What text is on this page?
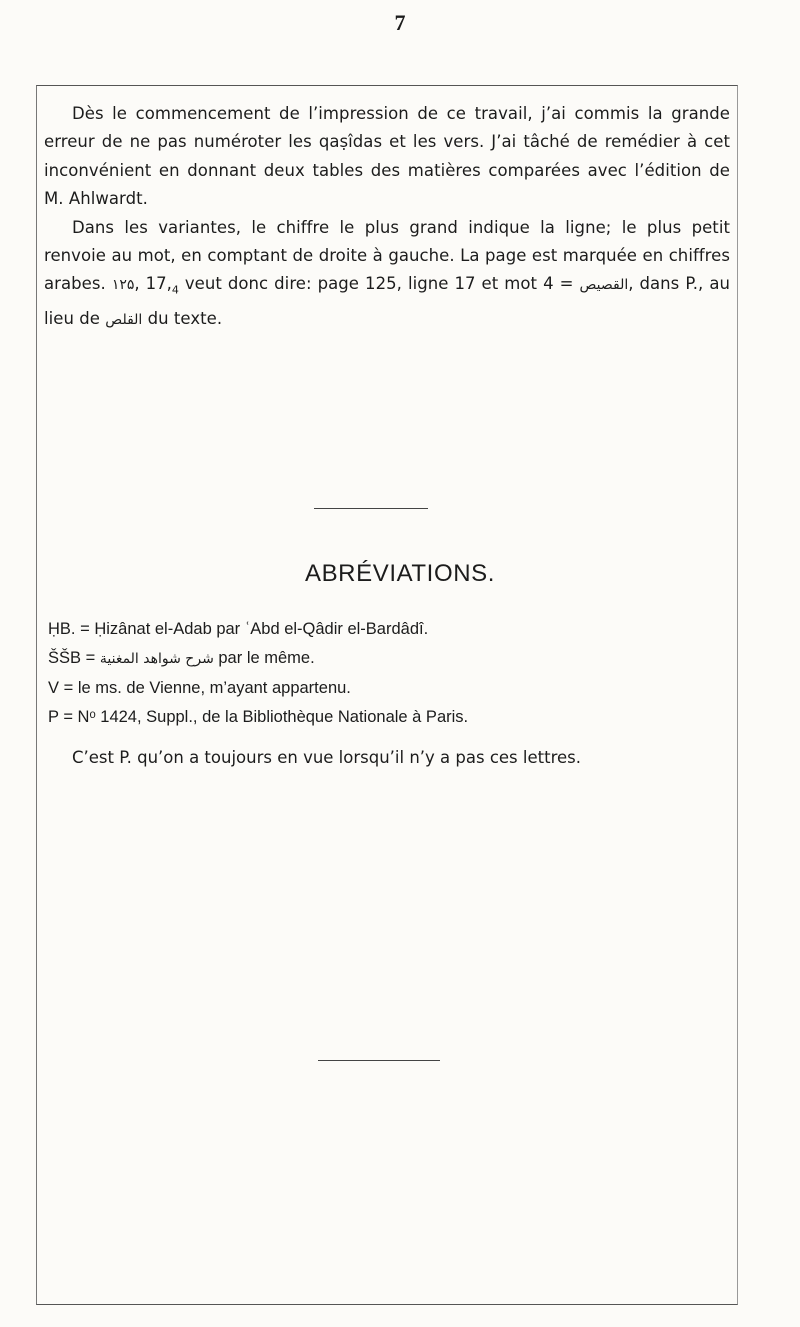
7

Dès le commencement de l’impression de ce travail, j’ai commis la grande erreur de ne pas numéroter les qaṣîdas et les vers. J’ai tâché de remédier à cet inconvénient en donnant deux tables des matières comparées avec l’édition de M. Ahlwardt.

Dans les variantes, le chiffre le plus grand indique la ligne; le plus petit renvoie au mot, en comptant de droite à gauche. La page est marquée en chiffres arabes. ۱۲۵, $17,_4$ veut donc dire: page 125, ligne 17 et mot 4 = القصيص, dans P., au lieu de القلص du texte.

ABRÉVIATIONS.
ḤB. = Ḥizânat el-Adab par ʿAbd el-Qâdir el-Bardâdî.
ŠŠB = شرح شواهد المغنية par le même.
V = le ms. de Vienne, m’ayant appartenu.
P = Nᵒ 1424, Suppl., de la Bibliothèque Nationale à Paris.

C’est P. qu’on a toujours en vue lorsqu’il n’y a pas ces lettres.
